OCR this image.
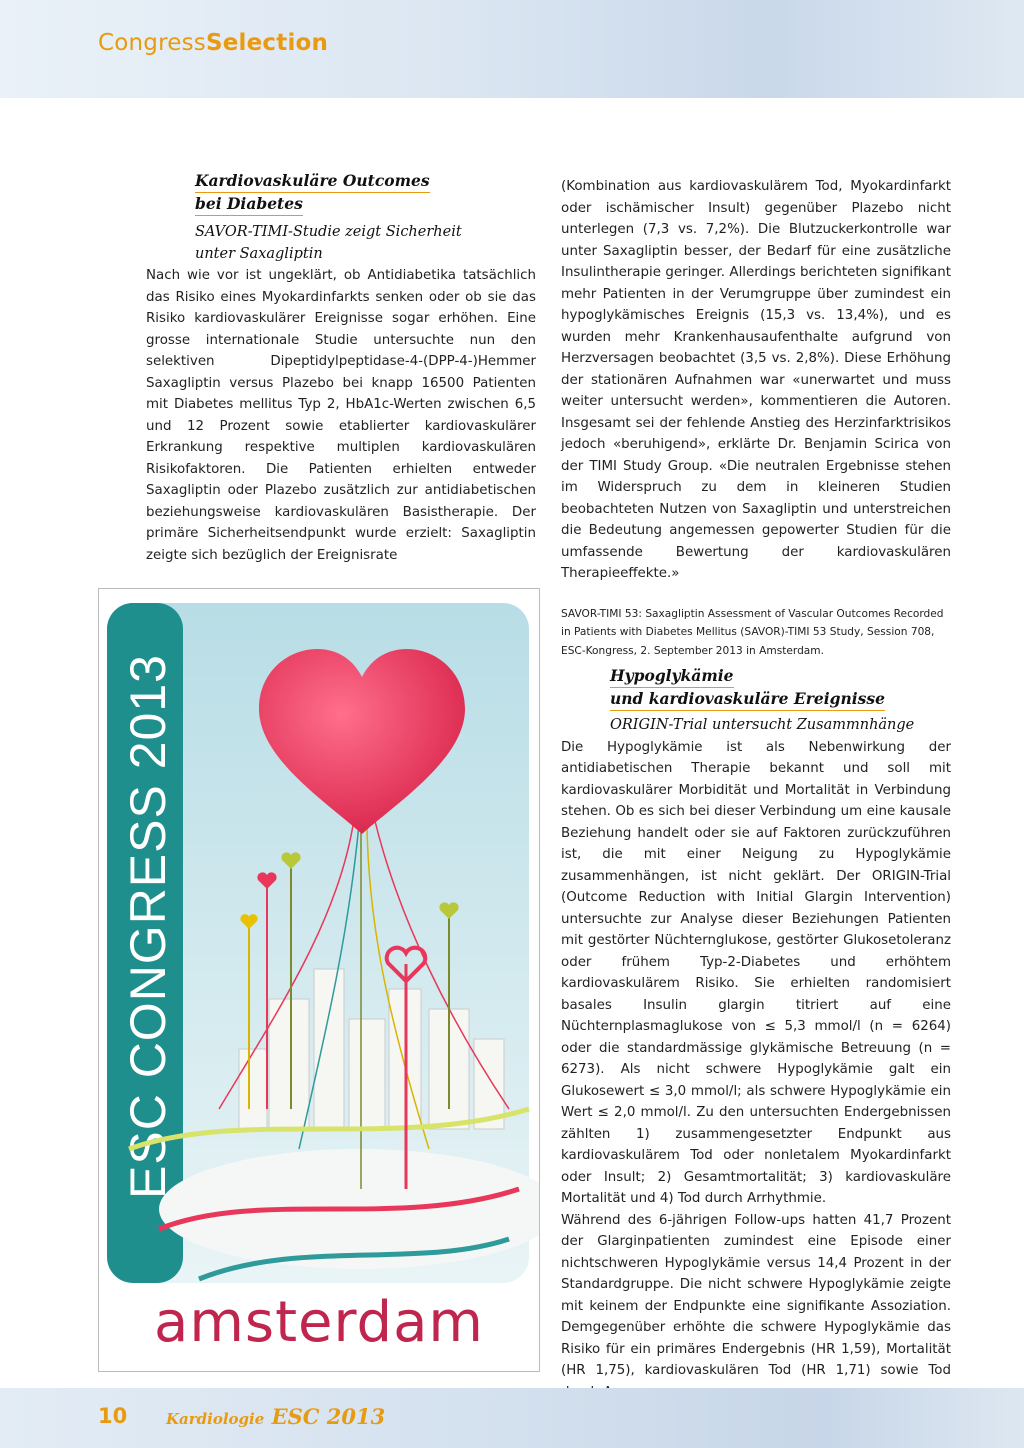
CongressSelection
Kardiovaskuläre Outcomes
bei Diabetes
SAVOR-TIMI-Studie zeigt Sicherheit
unter Saxagliptin

Nach wie vor ist ungeklärt, ob Antidiabetika tatsächlich das Risiko eines Myokardinfarkts senken oder ob sie das Risiko kardiovaskulärer Ereignisse sogar erhöhen. Eine grosse internationale Studie untersuchte nun den selektiven Dipeptidylpeptidase-4-(DPP-4-)Hemmer Saxagliptin versus Plazebo bei knapp 16500 Patienten mit Diabetes mellitus Typ 2, HbA1c-Werten zwischen 6,5 und 12 Prozent sowie etablierter kardiovaskulärer Erkrankung respektive multiplen kardiovaskulären Risikofaktoren. Die Patienten erhielten entweder Saxagliptin oder Plazebo zusätzlich zur antidiabetischen beziehungsweise kardiovaskulären Basistherapie. Der primäre Sicherheitsendpunkt wurde erzielt: Saxagliptin zeigte sich bezüglich der Ereignisrate

(Kombination aus kardiovaskulärem Tod, Myokardinfarkt oder ischämischer Insult) gegenüber Plazebo nicht unterlegen (7,3 vs. 7,2%). Die Blutzuckerkontrolle war unter Saxagliptin besser, der Bedarf für eine zusätzliche Insulintherapie geringer. Allerdings berichteten signifikant mehr Patienten in der Verumgruppe über zumindest ein hypoglykämisches Ereignis (15,3 vs. 13,4%), und es wurden mehr Krankenhausaufenthalte aufgrund von Herzversagen beobachtet (3,5 vs. 2,8%). Diese Erhöhung der stationären Aufnahmen war «unerwartet und muss weiter untersucht werden», kommentieren die Autoren. Insgesamt sei der fehlende Anstieg des Herzinfarktrisikos jedoch «beruhigend», erklärte Dr. Benjamin Scirica von der TIMI Study Group. «Die neutralen Ergebnisse stehen im Widerspruch zu dem in kleineren Studien beobachteten Nutzen von Saxagliptin und unterstreichen die Bedeutung angemessen gepowerter Studien für die umfassende Bewertung der kardiovaskulären Therapieeffekte.»

SAVOR-TIMI 53: Saxagliptin Assessment of Vascular Outcomes Recorded in Patients with Diabetes Mellitus (SAVOR)-TIMI 53 Study, Session 708, ESC-Kongress, 2. September 2013 in Amsterdam.

ESC CONGRESS 2013
amsterdam
Hypoglykämie
und kardiovaskuläre Ereignisse
ORIGIN-Trial untersucht Zusammnhänge

Die Hypoglykämie ist als Nebenwirkung der antidiabetischen Therapie bekannt und soll mit kardiovaskulärer Morbidität und Mortalität in Verbindung stehen. Ob es sich bei dieser Verbindung um eine kausale Beziehung handelt oder sie auf Faktoren zurückzuführen ist, die mit einer Neigung zu Hypoglykämie zusammenhängen, ist nicht geklärt. Der ORIGIN-Trial (Outcome Reduction with Initial Glargin Intervention) untersuchte zur Analyse dieser Beziehungen Patienten mit gestörter Nüchternglukose, gestörter Glukosetoleranz oder frühem Typ-2-Diabetes und erhöhtem kardiovaskulärem Risiko. Sie erhielten randomisiert basales Insulin glargin titriert auf eine Nüchternplasmaglukose von ≤ 5,3 mmol/l (n = 6264) oder die standardmässige glykämische Betreuung (n = 6273). Als nicht schwere Hypoglykämie galt ein Glukosewert ≤ 3,0 mmol/l; als schwere Hypoglykämie ein Wert ≤ 2,0 mmol/l. Zu den untersuchten Endergebnissen zählten 1) zusammengesetzter Endpunkt aus kardiovaskulärem Tod oder nonletalem Myokardinfarkt oder Insult; 2) Gesamtmortalität; 3) kardiovaskuläre Mortalität und 4) Tod durch Arrhythmie.

Während des 6-jährigen Follow-ups hatten 41,7 Prozent der Glarginpatienten zumindest eine Episode einer nichtschweren Hypoglykämie versus 14,4 Prozent in der Standardgruppe. Die nicht schwere Hypoglykämie zeigte mit keinem der Endpunkte eine signifikante Assoziation. Demgegenüber erhöhte die schwere Hypoglykämie das Risiko für ein primäres Endergebnis (HR 1,59), Mortalität (HR 1,75), kardiovaskulären Tod (HR 1,71) sowie Tod

10	Kardiologie ESC 2013
